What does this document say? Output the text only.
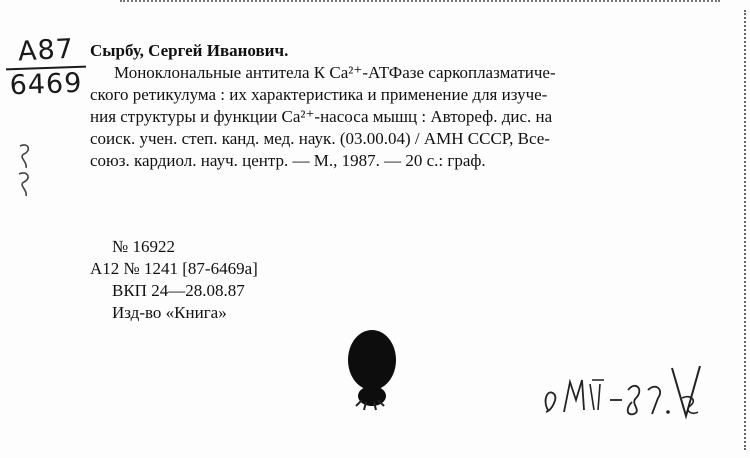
А87
6469

Сырбу, Сергей Иванович.

Моноклональные антитела К Са²⁺-АТФазе саркоплазматиче-
ского ретикулума : их характеристика и применение для изуче-
ния структуры и функции Са²⁺-насоса мышц : Автореф. дис. на
соиск. учен. степ. канд. мед. наук. (03.00.04) / АМН СССР, Все-
союз. кардиол. науч. центр. — М., 1987. — 20 с.: граф.

№ 16922
А12 № 1241 [87-6469а]
ВКП 24—28.08.87
Изд-во «Книга»
